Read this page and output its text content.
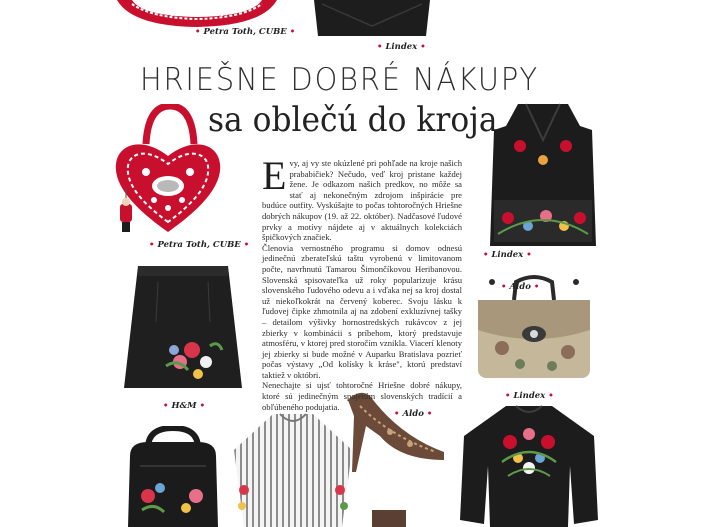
• Petra Toth, CUBE •
• Lindex •
HRIEŠNE DOBRÉ NÁKUPY
sa oblečú do kroja
• Petra Toth, CUBE •
• H&M •
• Aldo •
• Lindex •
• Aldo •
• Lindex •
E vy, aj vy ste okúzlené pri pohľade na kroje našich prababičiek? Nečudo, veď kroj pristane každej žene. Je odkazom našich predkov, no môže sa stať aj nekonečným zdrojom inšpirácie pre budúce outfity. Vyskúšajte to počas tohtoročných Hriešne dobrých nákupov (19. až 22. október). Nadčasové ľudové prvky a motívy nájdete aj v aktuálnych kolekciách špičkových značiek.

Členovia vernostného programu si domov odnesú jedinečnú zberateľskú taštu vyrobenú v limitovanom počte, navrhnutú Tamarou Šimončíkovou Heribanovou. Slovenská spisovateľka už roky popularizuje krásu slovenského ľudového odevu a i vďaka nej sa kroj dostal už niekoľkokrát na červený koberec. Svoju lásku k ľudovej čipke zhmotnila aj na zdobení exkluzívnej tašky – detailom výšivky hornostredských rukávcov z jej zbierky v kombinácii s príbehom, ktorý predstavuje atmosféru, v ktorej pred storočím vznikla. Viacerí klenoty jej zbierky si bude možné v Auparku Bratislava pozrieť počas výstavy „Od kolísky k kráse", ktorú predstaví taktiež v októbri.

Nenechajte si ujsť tohtoročné Hriešne dobré nákupy, ktoré sú jedinečným spojením slovenských tradícií a obľúbeného podujatia.
